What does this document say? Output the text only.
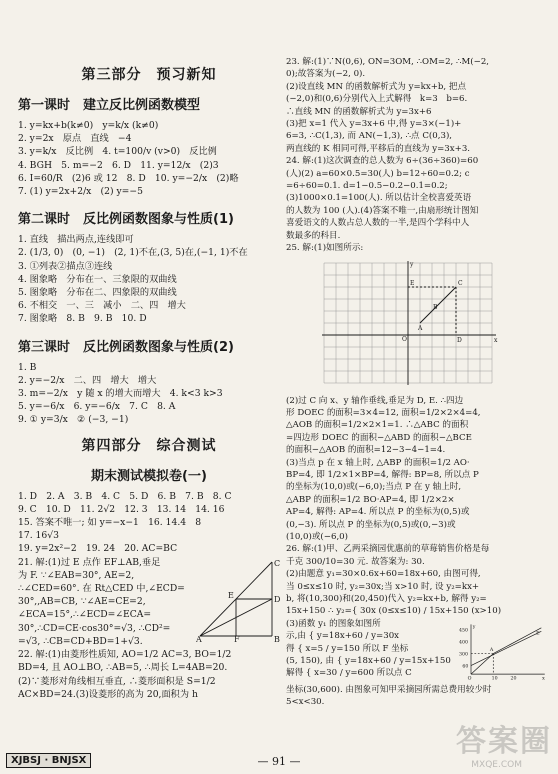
第三部分　预习新知
第一课时　建立反比例函数模型
1. y=kx+b(k≠0)　y=k/x (k≠0)
2. y=2x　原点　直线　−4
3. y=k/x　反比例　4. t=100/v (v>0)　反比例
4. BGH　5. m=−2　6. D　11. y=12/x　(2)3
6. I=60/R　(2)6 或 12　8. D　10. y=−2/x　(2)略
7. (1) y=2x+2/x　(2) y=−5
第二课时　反比例函数图象与性质(1)
1. 直线　描出两点,连线即可
2. (1/3, 0)　(0, −1)　(2, 1)不在,(3, 5)在,(−1, 1)不在
3. ①列表②描点③连线
4. 图象略　分布在一、三象限的双曲线
5. 图象略　分布在二、四象限的双曲线
6. 不相交　一、三　减小　二、四　增大
7. 图象略　8. B　9. B　10. D
第三课时　反比例函数图象与性质(2)
1. B
2. y=−2/x　二、四　增大　增大
3. m=−2/x　y 随 x 的增大而增大　4. k<3 k>3
5. y=−6/x　6. y=−6/x　7. C　8. A
9. ① y=3/x　② (−3, −1)
第四部分　综合测试
期末测试模拟卷(一)
1. D　2. A　3. B　4. C　5. D　6. B　7. B　8. C
9. C　10. D　11. 2√2　12. 3　13. 14　14. 16
15. 答案不唯一; 如 y=−x−1　16. 14.4　8
17. 16√3
19. y=2x²−2　19. 24　20. AC=BC
21. 解:(1)过 E 点作 EF⊥AB,垂足
为 F. ∵∠EAB=30°, AE=2,
∴∠CED=60°. 在 Rt△CED 中,∠ECD=
30°,,AB=CB, ∵∠AE=CE=2,
∠ECA=15°,∴∠ECD=∠ECA=
30°,∴CD=CE·cos30°=√3, ∴CD²=
=√3, ∴CB=CD+BD=1+√3.	A	B
C
D
E
F
22. 解:(1)由菱形性质知, AO=1/2 AC=3, BO=1/2
BD=4, 且 AO⊥BO, ∴AB=5, ∴周长 L=4AB=20.
(2)∵菱形对角线相互垂直, ∴菱形面积是 S=1/2
AC×BD=24.(3)设菱形的高为 20,面积为 h
23. 解:(1)∵N(0,6), ON=3OM, ∴OM=2, ∴M(−2,
0);故答案为(−2, 0).
(2)设直线 MN 的函数解析式为 y=kx+b, 把点
(−2,0)和(0,6)分别代入上式解得　k=3　b=6.
∴直线 MN 的函数解析式为 y=3x+6
(3)把 x=1 代入 y=3x+6 中,得 y=3×(−1)+
6=3, ∴C(1,3), 而 AN(−1,3), ∴点 C(0,3),
两直线的 K 相同可得,平移后的直线为 y=3x+3.
24. 解:(1)这次调查的总人数为 6÷(36÷360)=60
(人)(2) a=60×0.5=30(人) b=12÷60=0.2; c
=6÷60=0.1. d=1−0.5−0.2−0.1=0.2;
(3)1000×0.1=100(人). 所以估计全校喜爱英语
的人数为 100 (人).(4)答案不唯一,由扇形统计图知
喜爱语文的人数占总人数的一半,是四个学科中人
数最多的科目.
25. 解:(1)如图所示:
O	x
y
C
E
A
B
D
(2)过 C 向 x、y 轴作垂线,垂足为 D, E. ∴四边
形 DOEC 的面积=3×4=12, 面积=1/2×2×4=4,
△AOB 的面积=1/2×2×1=1. ∴△ABC 的面积
=四边形 DOEC 的面积−△ABD 的面积−△BCE
的面积−△AOB 的面积=12−3−4−1=4.
(3)当点 p 在 x 轴上时, △ABP 的面积=1/2 AO·
BP=4, 即 1/2×1×BP=4, 解得: BP=8, 所以点 P
的坐标为(10,0)或(−6,0);当点 P 在 y 轴上时,
△ABP 的面积=1/2 BO·AP=4, 即 1/2×2×
AP=4, 解得: AP=4. 所以点 P 的坐标为(0,5)或
(0,−3). 所以点 P 的坐标为(0,5)或(0,−3)或
(10,0)或(−6,0)
26. 解:(1)甲、乙两采摘园优惠前的草莓销售价格是每
千克 300/10=30 元. 故答案为: 30.
(2)由题意 y₁=30×0.6x+60=18x+60, 由图可得,
当 0≤x≤10 时, y₂=30x;当 x>10 时, 设 y₂=kx+
b, 将(10,300)和(20,450)代入 y₂=kx+b, 解得 y₂=
15x+150 ∴ y₂={ 30x (0≤x≤10) / 15x+150 (x>10)
(3)函数 y₁ 的图象如图所
示,由 { y=18x+60 / y=30x
得 { x=5 / y=150 所以 F 坐标
(5, 150), 由 { y=18x+60 / y=15x+150
解得 { x=30 / y=600 所以点 C
450
400
300
60
O	10 20
E
A
x
y
坐标(30,600). 由图象可知甲采摘园所需总费用较少时
5<x<30.
XJBSJ · BNJSX	— 91 —
答案圈
MXQE.COM
